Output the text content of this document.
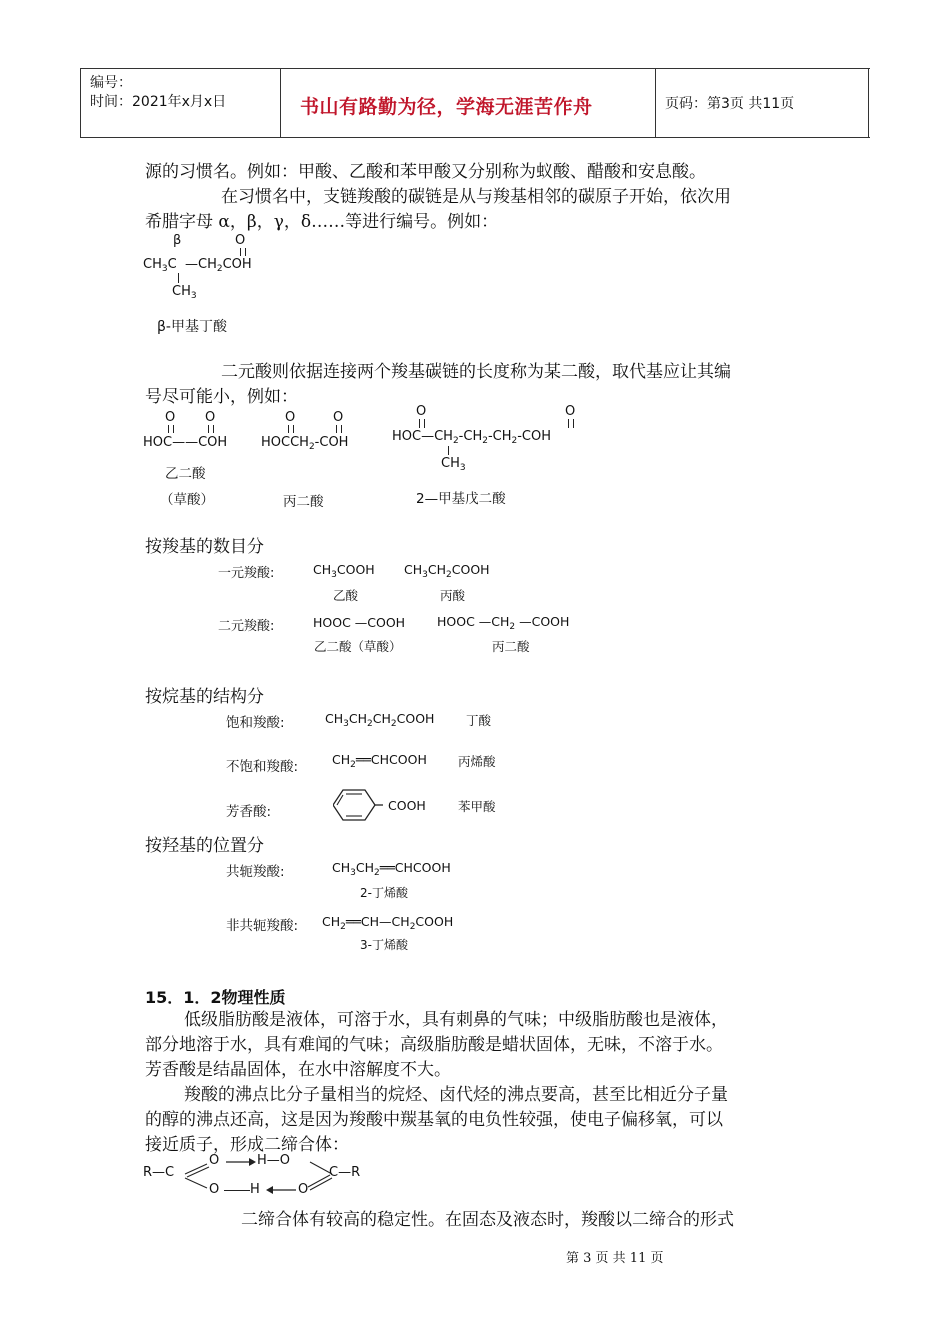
编号：
时间：2021年x月x日	书山有路勤为径，学海无涯苦作舟	页码：第3页 共11页
源的习惯名。例如：甲酸、乙酸和苯甲酸又分别称为蚁酸、醋酸和安息酸。
在习惯名中，支链羧酸的碳链是从与羧基相邻的碳原子开始，依次用
希腊字母 α，β，γ，δ……等进行编号。例如：
β	O
$CH_3C$ $—CH_2COH$
$CH_3$
β-甲基丁酸
二元酸则依据连接两个羧基碳链的长度称为某二酸，取代基应让其编
号尽可能小，例如：
O O
HOC——COH
乙二酸
（草酸）
O	O
$HOCCH_2$-COH
丙二酸
O	O
$HOC—CH_2-CH_2-CH_2$-COH
$CH_3$
2—甲基戊二酸
按羧基的数目分
一元羧酸:	$CH_3COOH$
乙酸
$CH_3CH_2COOH$
丙酸
二元羧酸:	HOOC —COOH
乙二酸（草酸）
HOOC $—CH_2$ —COOH
丙二酸
按烷基的结构分
饱和羧酸:	$CH_3CH_2CH_2COOH$	丁酸
不饱和羧酸:	$CH_2══CHCOOH$ 丙烯酸
芳香酸:	COOH	苯甲酸
按羟基的位置分
共轭羧酸:	$CH_3CH_2══CHCOOH$
2-丁烯酸
非共轭羧酸: $CH_2══CH—CH_2COOH$
3-丁烯酸
15．1．2物理性质
低级脂肪酸是液体，可溶于水，具有刺鼻的气味；中级脂肪酸也是液体，
部分地溶于水，具有难闻的气味；高级脂肪酸是蜡状固体，无味，不溶于水。
芳香酸是结晶固体，在水中溶解度不大。
羧酸的沸点比分子量相当的烷烃、卤代烃的沸点要高，甚至比相近分子量
的醇的沸点还高，这是因为羧酸中羰基氧的电负性较强，使电子偏移氧，可以
接近质子，形成二缔合体：
R—C
O	H—O
C—R
O H	O
二缔合体有较高的稳定性。在固态及液态时，羧酸以二缔合的形式
第 3 页 共 11 页
